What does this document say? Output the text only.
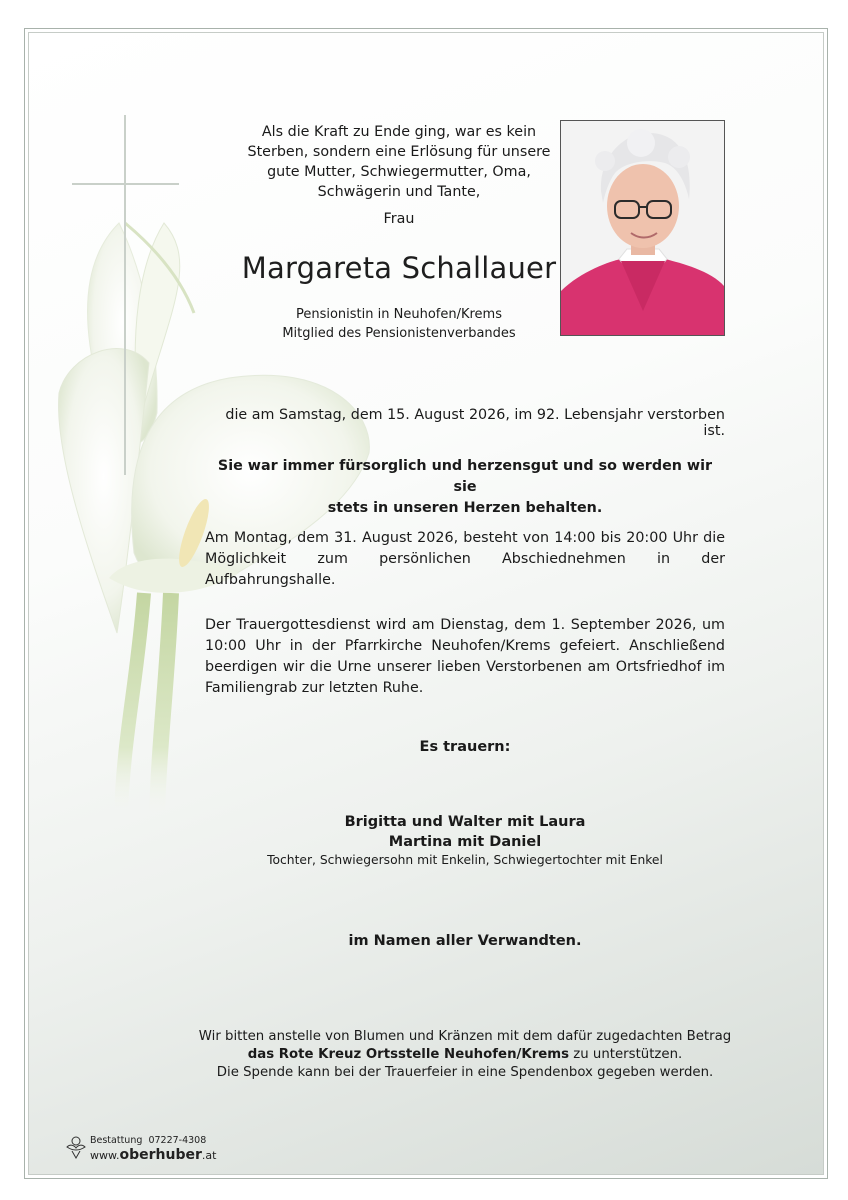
Als die Kraft zu Ende ging, war es kein
Sterben, sondern eine Erlösung für unsere
gute Mutter, Schwiegermutter, Oma,
Schwägerin und Tante,
Frau
Margareta Schallauer
Pensionistin in Neuhofen/Krems
Mitglied des Pensionistenverbandes
die am Samstag, dem 15. August 2026, im 92. Lebensjahr verstorben ist.
Sie war immer fürsorglich und herzensgut und so werden wir sie
stets in unseren Herzen behalten.
Am Montag, dem 31. August 2026, besteht von 14:00 bis 20:00 Uhr die Möglichkeit zum persönlichen Abschiednehmen in der Aufbahrungshalle.
Der Trauergottesdienst wird am Dienstag, dem 1. September 2026, um 10:00 Uhr in der Pfarrkirche Neuhofen/Krems gefeiert. Anschließend beerdigen wir die Urne unserer lieben Verstorbenen am Ortsfriedhof im Familiengrab zur letzten Ruhe.
Es trauern:
Brigitta und Walter mit Laura
Martina mit Daniel
Tochter, Schwiegersohn mit Enkelin, Schwiegertochter mit Enkel
im Namen aller Verwandten.
Wir bitten anstelle von Blumen und Kränzen mit dem dafür zugedachten Betrag
das Rote Kreuz Ortsstelle Neuhofen/Krems zu unterstützen.
Die Spende kann bei der Trauerfeier in eine Spendenbox gegeben werden.
Bestattung 07227-4308
www.oberhuber.at
